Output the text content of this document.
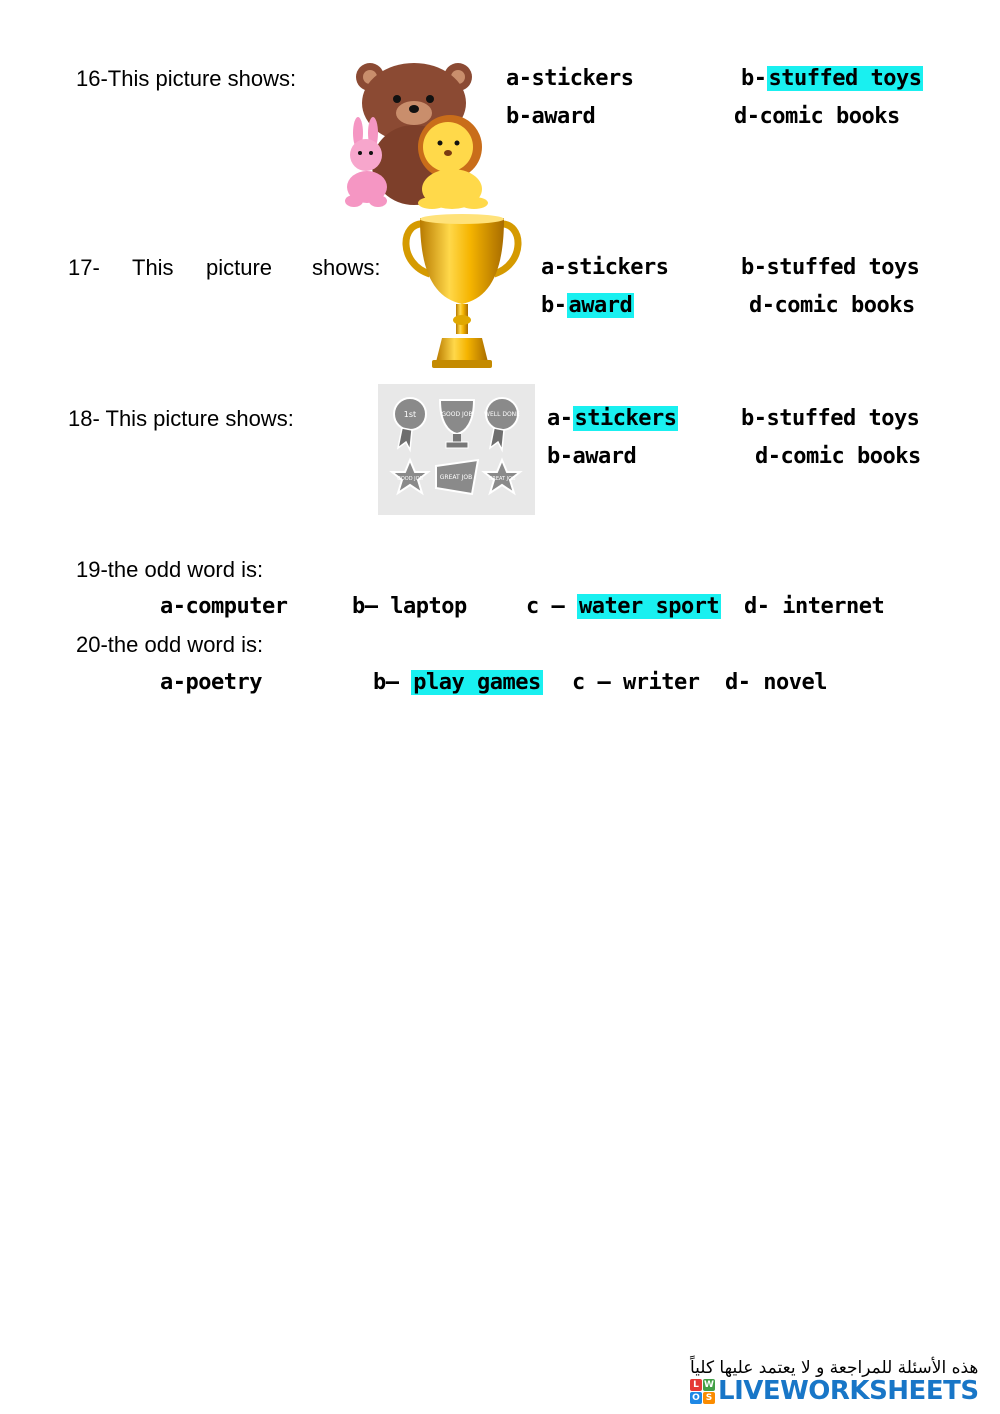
16-This picture shows:	a-stickers	b-stuffed toys
b-award	d-comic books
17- This picture shows:	a-stickers	b-stuffed toys
b-award	d-comic books
18- This picture shows:	1st	GOOD JOB WELL DONE
GOOD JOB	GREAT JOB	GREAT JOB
a-stickers	b-stuffed toys
b-award	d-comic books
19-the odd word is:
a-computer	b– laptop	c – water sport d- internet
20-the odd word is:
a-poetry	b– play games c – writer d- novel
هذه الأسئلة للمراجعة و لا يعتمد عليها كلياً
L W
O S LIVEWORKSHEETS
